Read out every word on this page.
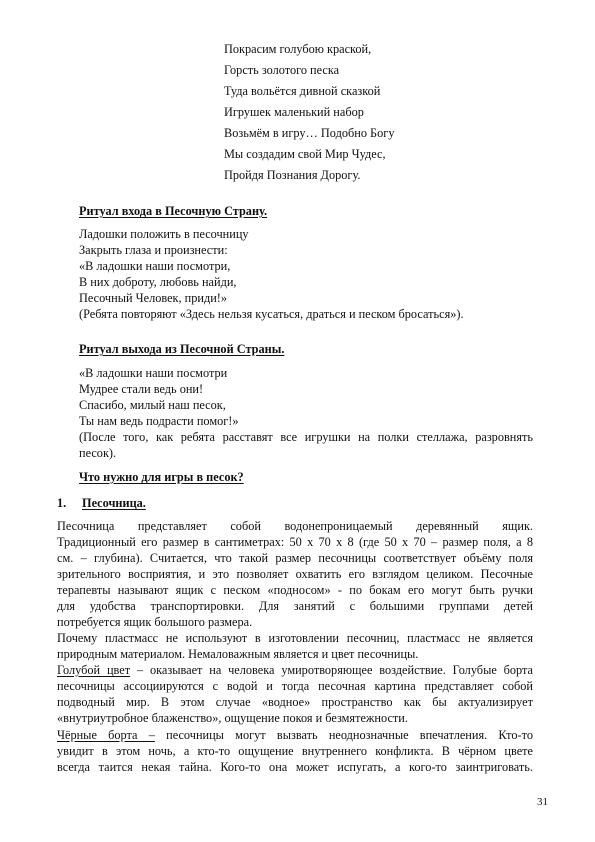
Покрасим голубою краской,
Горсть золотого песка
Туда вольётся дивной сказкой
Игрушек маленький набор
Возьмём в игру… Подобно Богу
Мы создадим свой Мир Чудес,
Пройдя Познания Дорогу.
Ритуал входа в Песочную Страну.
Ладошки положить в песочницу
Закрыть глаза и произнести:
«В ладошки наши посмотри,
В них доброту, любовь найди,
Песочный Человек, приди!»
(Ребята повторяют «Здесь нельзя кусаться, драться и песком бросаться»).
Ритуал выхода из Песочной Страны.
«В ладошки наши посмотри
Мудрее стали ведь они!
Спасибо, милый наш песок,
Ты нам ведь подрасти помог!»
(После того, как ребята расставят все игрушки на полки стеллажа, разровнять
песок).
Что нужно для игры в песок?
1. Песочница.
Песочница представляет собой водонепроницаемый деревянный ящик.
Традиционный его размер в сантиметрах: 50 х 70 х 8 (где 50 х 70 – размер поля, а 8
см. – глубина). Считается, что такой размер песочницы соответствует объёму поля
зрительного восприятия, и это позволяет охватить его взглядом целиком. Песочные
терапевты называют ящик с песком «подносом» - по бокам его могут быть ручки
для удобства транспортировки. Для занятий с большими группами детей
потребуется ящик большого размера.
Почему пластмасс не используют в изготовлении песочниц, пластмасс не является
природным материалом. Немаловажным является и цвет песочницы.
Голубой цвет – оказывает на человека умиротворяющее воздействие. Голубые борта
песочницы ассоциируются с водой и тогда песочная картина представляет собой
подводный мир. В этом случае «водное» пространство как бы актуализирует
«внутриутробное блаженство», ощущение покоя и безмятежности.
Чёрные борта – песочницы могут вызвать неоднозначные впечатления. Кто-то
увидит в этом ночь, а кто-то ощущение внутреннего конфликта. В чёрном цвете
всегда таится некая тайна. Кого-то она может испугать, а кого-то заинтриговать.
31
